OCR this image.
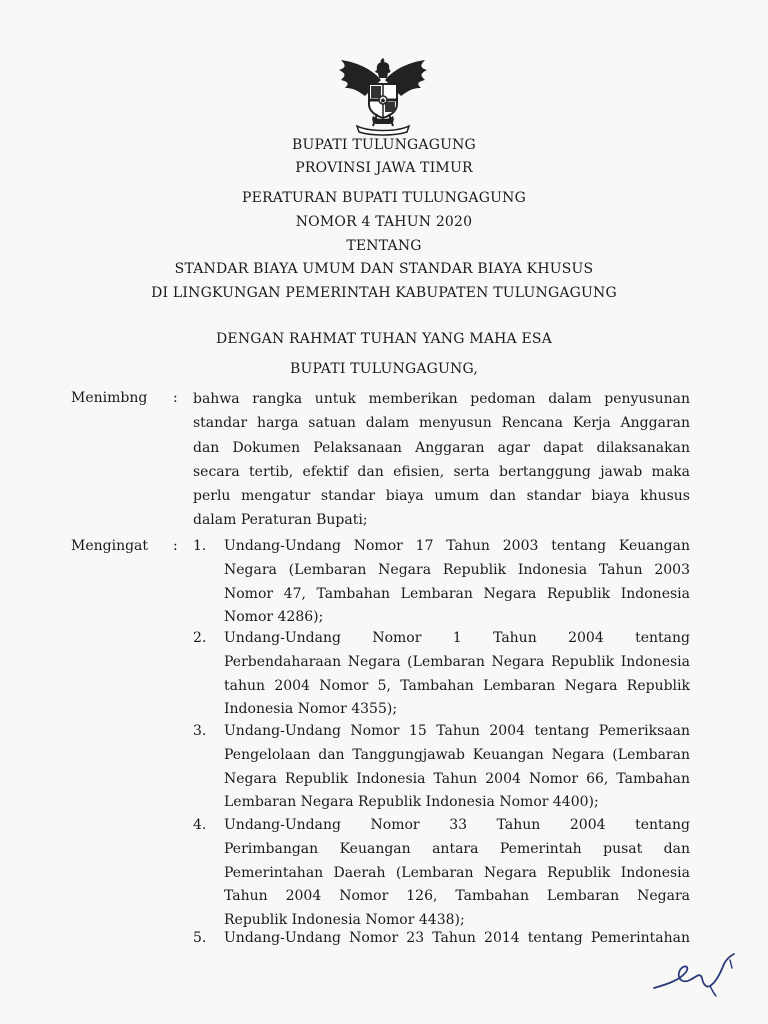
BUPATI TULUNGAGUNG
PROVINSI JAWA TIMUR
PERATURAN BUPATI TULUNGAGUNG
NOMOR 4 TAHUN 2020
TENTANG
STANDAR BIAYA UMUM DAN STANDAR BIAYA KHUSUS
DI LINGKUNGAN PEMERINTAH KABUPATEN TULUNGAGUNG
DENGAN RAHMAT TUHAN YANG MAHA ESA
BUPATI TULUNGAGUNG,
Menimbng : bahwa rangka untuk memberikan pedoman dalam penyusunan
standar harga satuan dalam menyusun Rencana Kerja Anggaran
dan Dokumen Pelaksanaan Anggaran agar dapat dilaksanakan
secara tertib, efektif dan efisien, serta bertanggung jawab maka
perlu mengatur standar biaya umum dan standar biaya khusus
dalam Peraturan Bupati;
Mengingat : 1.	Undang-Undang Nomor 17 Tahun 2003 tentang Keuangan
Negara (Lembaran Negara Republik Indonesia Tahun 2003
Nomor 47, Tambahan Lembaran Negara Republik Indonesia
Nomor 4286);
2.	Undang-Undang Nomor 1 Tahun 2004 tentang
Perbendaharaan Negara (Lembaran Negara Republik Indonesia
tahun 2004 Nomor 5, Tambahan Lembaran Negara Republik
Indonesia Nomor 4355);
3.	Undang-Undang Nomor 15 Tahun 2004 tentang Pemeriksaan
Pengelolaan dan Tanggungjawab Keuangan Negara (Lembaran
Negara Republik Indonesia Tahun 2004 Nomor 66, Tambahan
Lembaran Negara Republik Indonesia Nomor 4400);
4.	Undang-Undang Nomor 33 Tahun 2004 tentang
Perimbangan Keuangan antara Pemerintah pusat dan
Pemerintahan Daerah (Lembaran Negara Republik Indonesia
Tahun 2004 Nomor 126, Tambahan Lembaran Negara
Republik Indonesia Nomor 4438);
5.	Undang-Undang Nomor 23 Tahun 2014 tentang Pemerintahan
